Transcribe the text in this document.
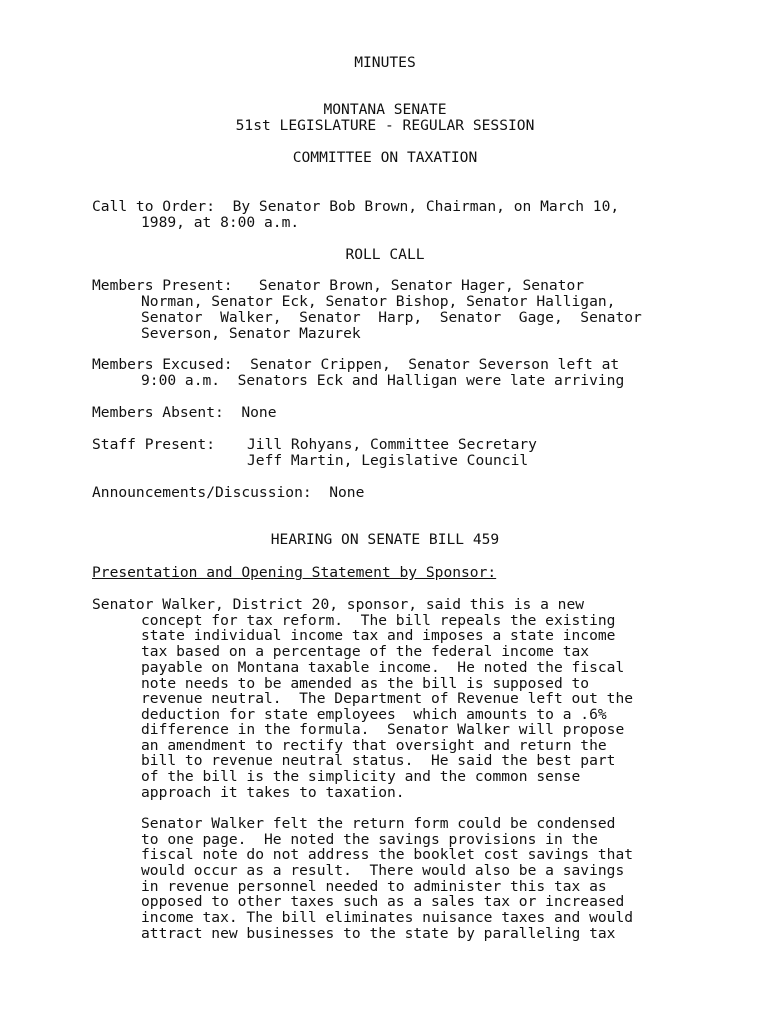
MINUTES
MONTANA SENATE
51st LEGISLATURE - REGULAR SESSION
COMMITTEE ON TAXATION
Call to Order:  By Senator Bob Brown, Chairman, on March 10,
1989, at 8:00 a.m.
ROLL CALL
Members Present:   Senator Brown, Senator Hager, Senator
Norman, Senator Eck, Senator Bishop, Senator Halligan,
Senator  Walker,  Senator  Harp,  Senator  Gage,  Senator
Severson, Senator Mazurek
Members Excused:  Senator Crippen,  Senator Severson left at
9:00 a.m.  Senators Eck and Halligan were late arriving
Members Absent:  None
Staff Present: Jill Rohyans, Committee Secretary
Jeff Martin, Legislative Council
Announcements/Discussion:  None
HEARING ON SENATE BILL 459
Presentation and Opening Statement by Sponsor:
Senator Walker, District 20, sponsor, said this is a new
concept for tax reform.  The bill repeals the existing
state individual income tax and imposes a state income
tax based on a percentage of the federal income tax
payable on Montana taxable income.  He noted the fiscal
note needs to be amended as the bill is supposed to
revenue neutral.  The Department of Revenue left out the
deduction for state employees  which amounts to a .6%
difference in the formula.  Senator Walker will propose
an amendment to rectify that oversight and return the
bill to revenue neutral status.  He said the best part
of the bill is the simplicity and the common sense
approach it takes to taxation.
Senator Walker felt the return form could be condensed
to one page.  He noted the savings provisions in the
fiscal note do not address the booklet cost savings that
would occur as a result.  There would also be a savings
in revenue personnel needed to administer this tax as
opposed to other taxes such as a sales tax or increased
income tax. The bill eliminates nuisance taxes and would
attract new businesses to the state by paralleling tax
